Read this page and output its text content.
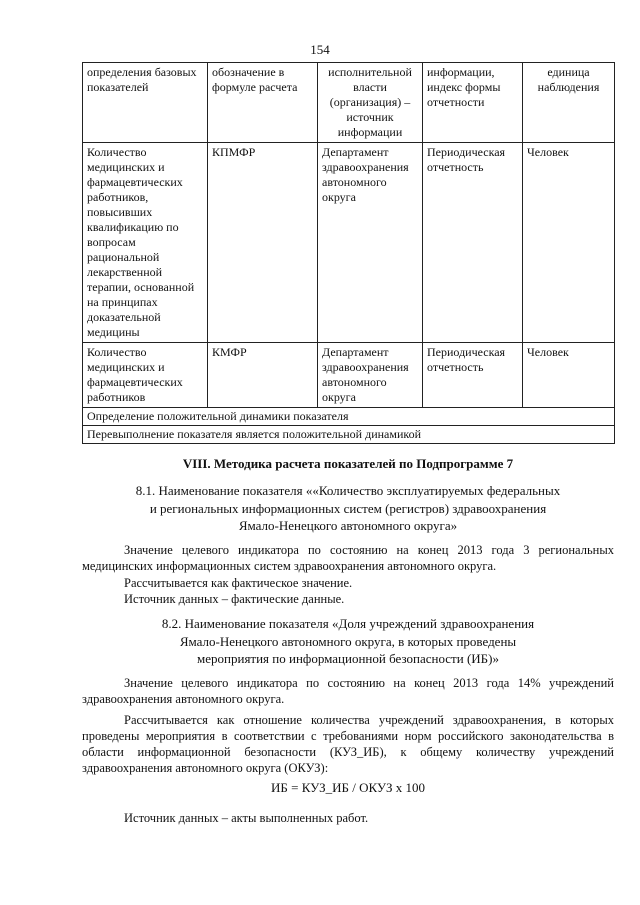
154
определения базовых показателей	обозначение в формуле расчета	исполнительной власти (организация) – источник информации	информации, индекс формы отчетности	единица наблюдения
Количество медицинских и фармацевтических работников, повысивших квалификацию по вопросам рациональной лекарственной терапии, основанной на принципах доказательной медицины	КПМФР	Департамент здравоохранения автономного округа	Периодическая отчетность	Человек
Количество медицинских и фармацевтических работников	КМФР	Департамент здравоохранения автономного округа	Периодическая отчетность	Человек
Определение положительной динамики показателя				
Перевыполнение показателя является положительной динамикой				
VIII. Методика расчета показателей по Подпрограмме 7

8.1. Наименование показателя ««Количество эксплуатируемых федеральных

и региональных информационных систем (регистров) здравоохранения

Ямало-Ненецкого автономного округа»

Значение целевого индикатора по состоянию на конец 2013 года 3 региональных медицинских информационных систем здравоохранения автономного округа.

Рассчитывается как фактическое значение.

Источник данных – фактические данные.

8.2. Наименование показателя «Доля учреждений здравоохранения

Ямало-Ненецкого автономного округа, в которых проведены

мероприятия по информационной безопасности (ИБ)»

Значение целевого индикатора по состоянию на конец 2013 года 14% учреждений здравоохранения автономного округа.

Рассчитывается как отношение количества учреждений здравоохранения, в которых проведены мероприятия в соответствии с требованиями норм российского законодательства в области информационной безопасности (КУЗ_ИБ), к общему количеству учреждений здравоохранения автономного округа (ОКУЗ):

ИБ = КУЗ_ИБ / ОКУЗ x 100

Источник данных – акты выполненных работ.
